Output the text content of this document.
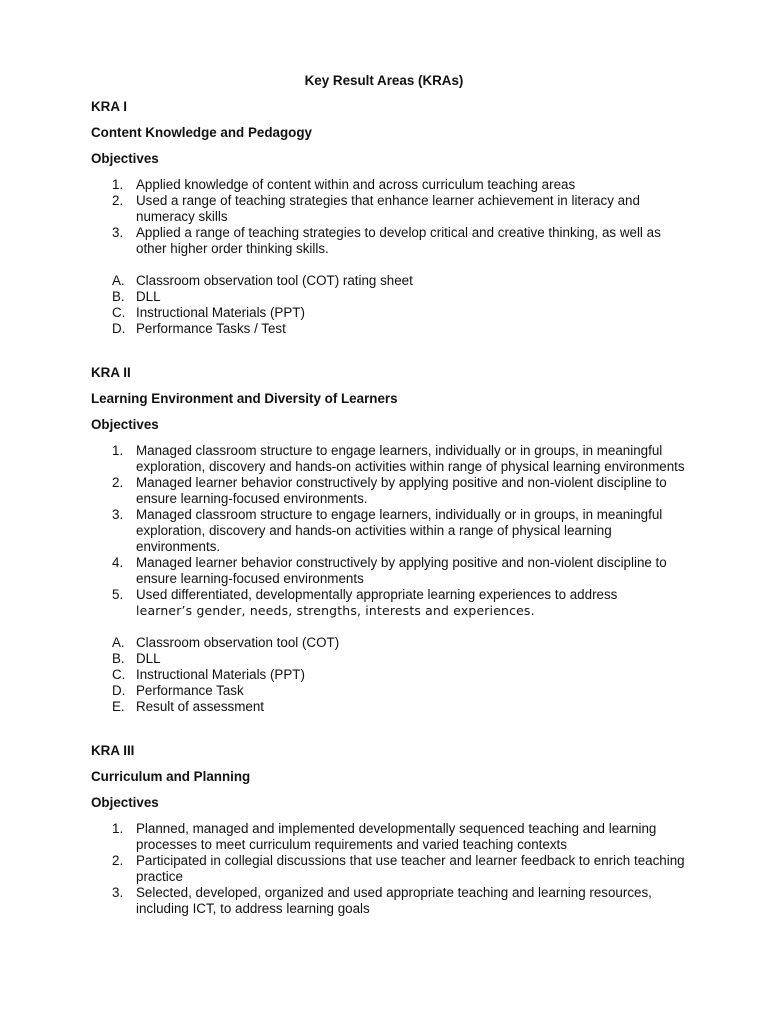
Key Result Areas (KRAs)
KRA I
Content Knowledge and Pedagogy
Objectives
1. Applied knowledge of content within and across curriculum teaching areas
2. Used a range of teaching strategies that enhance learner achievement in literacy and numeracy skills
3. Applied a range of teaching strategies to develop critical and creative thinking, as well as other higher order thinking skills.
A. Classroom observation tool (COT) rating sheet
B. DLL
C. Instructional Materials (PPT)
D. Performance Tasks / Test
KRA II
Learning Environment and Diversity of Learners
Objectives
1. Managed classroom structure to engage learners, individually or in groups, in meaningful exploration, discovery and hands-on activities within range of physical learning environments
2. Managed learner behavior constructively by applying positive and non-violent discipline to ensure learning-focused environments.
3. Managed classroom structure to engage learners, individually or in groups, in meaningful exploration, discovery and hands-on activities within a range of physical learning environments.
4. Managed learner behavior constructively by applying positive and non-violent discipline to ensure learning-focused environments
5. Used differentiated, developmentally appropriate learning experiences to address
learner’s gender, needs, strengths, interests and experiences.
A. Classroom observation tool (COT)
B. DLL
C. Instructional Materials (PPT)
D. Performance Task
E. Result of assessment
KRA III
Curriculum and Planning
Objectives
1. Planned, managed and implemented developmentally sequenced teaching and learning processes to meet curriculum requirements and varied teaching contexts
2. Participated in collegial discussions that use teacher and learner feedback to enrich teaching practice
3. Selected, developed, organized and used appropriate teaching and learning resources, including ICT, to address learning goals
